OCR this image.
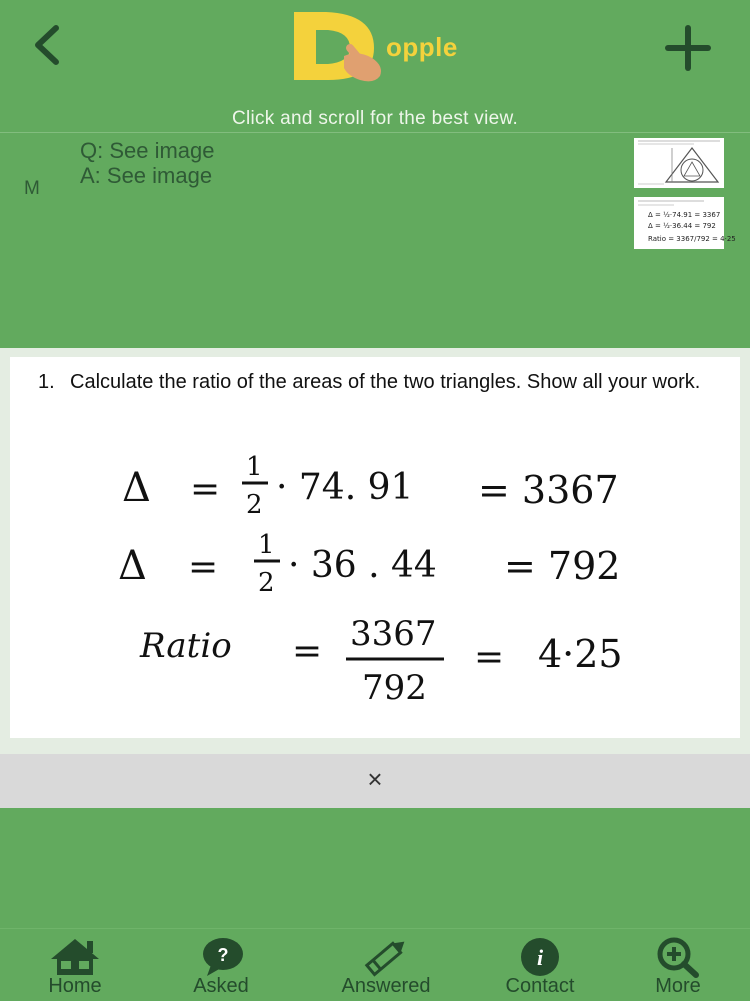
opple
Click and scroll for the best view.
M
Q: See image
A: See image
Δ = ½·74.91 = 3367
Δ = ½·36.44 = 792
Ratio = 3367/792 = 4·25
1. Calculate the ratio of the areas of the two triangles. Show all your work.
Δ =
1
2 · 74. 91 = 3367
Δ =
1
2 · 36 . 44 = 792
Ratio = 3367
792
= 4·25
×
Home
?
Asked	Answered
i
Contact	More
